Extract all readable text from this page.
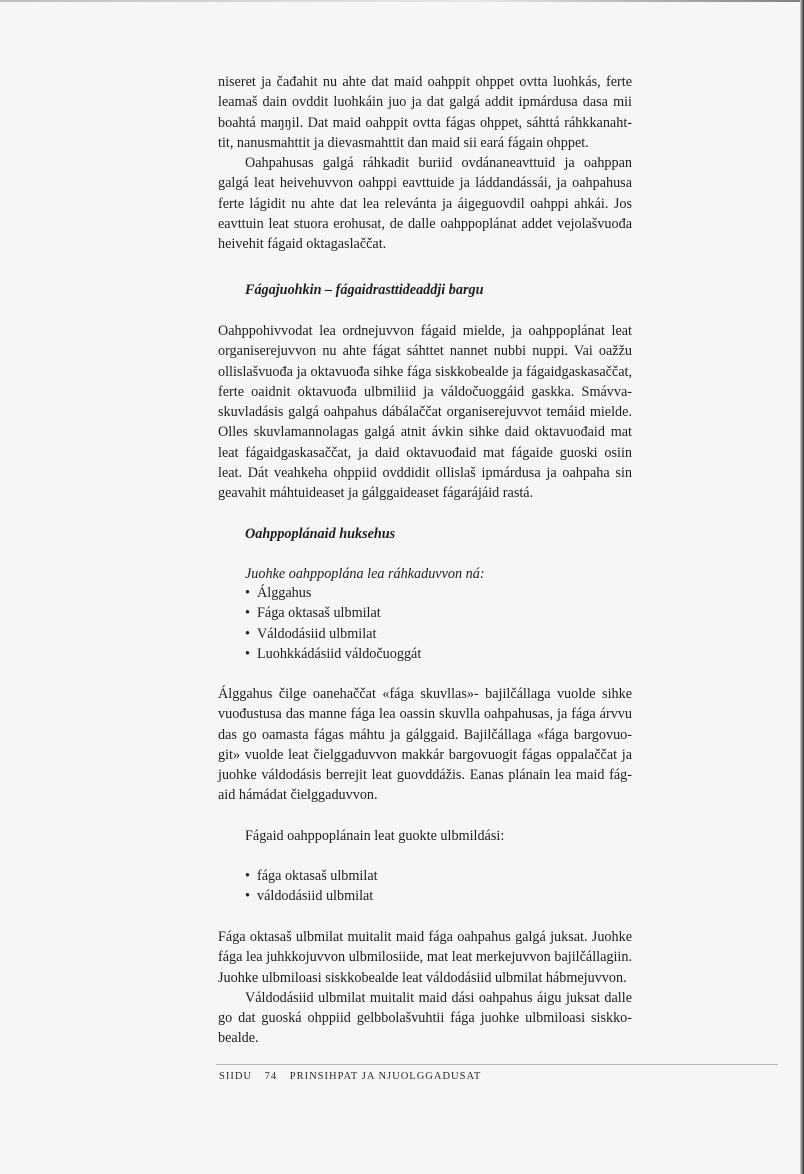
niseret ja čađahit nu ahte dat maid oahppit ohppet ovtta luohkás, ferte leamaš dain ovddit luohkáin juo ja dat galgá addit ipmárdusa dasa mii boahtá maŋŋil. Dat maid oahppit ovtta fágas ohppet, sáhttá ráhkkanahttit, nanusmahttit ja dievasmahttit dan maid sii eará fágain ohppet.

Oahpahusas galgá ráhkadit buriid ovdánaneavttuid ja oahppan galgá leat heivehuvvon oahppi eavttuide ja láddandássái, ja oahpahusa ferte lágidit nu ahte dat lea relevánta ja áigeguovdil oahppi ahkái. Jos eavttuin leat stuora erohusat, de dalle oahppoplánat addet vejolašvuođa heivehit fágaid oktagaslaččat.

Fágajuohkin – fágaidrasttideaddji bargu

Oahppohivvodat lea ordnejuvvon fágaid mielde, ja oahppoplánat leat organiserejuvvon nu ahte fágat sáhttet nannet nubbi nuppi. Vai oažžu ollislašvuođa ja oktavuođa sihke fága siskkobealde ja fágaidgaskasaččat, ferte oaidnit oktavuođa ulbmiliid ja váldočuoggáid gaskka. Smávvaskuvladásis galgá oahpahus dábálaččat organiserejuvvot temáid mielde. Olles skuvlamannolagas galgá atnit ávkin sihke daid oktavuođaid mat leat fágaidgaskasaččat, ja daid oktavuođaid mat fágaide guoski osiin leat. Dát veahkeha ohppiid ovddidit ollislaš ipmárdusa ja oahpaha sin geavahit máhtuideaset ja gálggaideaset fágarájáid rastá.

Oahppoplánaid huksehus
Juohke oahppoplána lea ráhkaduvvon ná:
• Álggahus
• Fága oktasaš ulbmilat
• Váldodásiid ulbmilat
• Luohkkádásiid váldočuoggát

Álggahus čilge oanehaččat «fága skuvllas»- bajilčállaga vuolde sihke vuođustusa das manne fága lea oassin skuvlla oahpahusas, ja fága árvvu das go oamasta fágas máhtu ja gálggaid. Bajilčállaga «fága bargovuogit» vuolde leat čielggaduvvon makkár bargovuogit fágas oppalaččat ja juohke váldodásis berrejit leat guovddážis. Eanas plánain lea maid fágaid hámádat čielggaduvvon.

Fágaid oahppoplánain leat guokte ulbmildási:
• fága oktasaš ulbmilat
• váldodásiid ulbmilat

Fága oktasaš ulbmilat muitalit maid fága oahpahus galgá juksat. Juohke fága lea juhkkojuvvon ulbmilosiide, mat leat merkejuvvon bajilčállagiin. Juohke ulbmiloasi siskkobealde leat váldodásiid ulbmilat hábmejuvvon.

Váldodásiid ulbmilat muitalit maid dási oahpahus áigu juksat dalle go dat guoská ohppiid gelbbolašvuhtii fága juohke ulbmiloasi siskkobealde.

SIIDU 74 PRINSIHPAT JA NJUOLGGADUSAT
